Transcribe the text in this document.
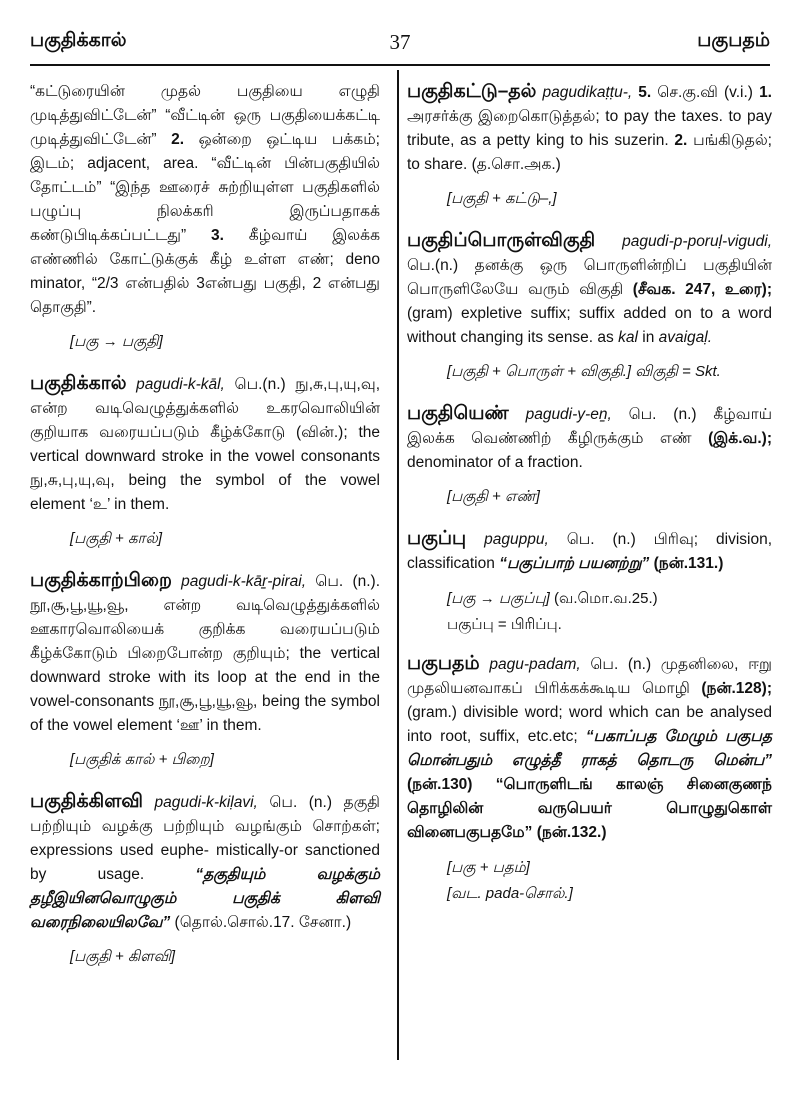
பகுதிக்கால்	37	பகுபதம்

“கட்டுரையின் முதல் பகுதியை எழுதி முடித்துவிட்டேன்” “வீட்டின் ஒரு பகுதியைக்கட்டி முடித்துவிட்டேன்” 2. ஒன்றை ஒட்டிய பக்கம்; இடம்; adjacent, area. “வீட்டின் பின்பகுதியில் தோட்டம்” “இந்த ஊரைச் சுற்றியுள்ள பகுதிகளில் பழுப்பு நிலக்கரி இருப்பதாகக் கண்டுபிடிக்கப்பட்டது” 3. கீழ்வாய் இலக்க எண்ணில் கோட்டுக்குக் கீழ் உள்ள எண்; deno minator, “2/3 என்பதில் 3என்பது பகுதி, 2 என்பது தொகுதி”.

[பகு → பகுதி]

பகுதிக்கால் pagudi-k-kāl, பெ.(n.) நு,சு,பு,யு,வு, என்ற வடிவெழுத்துக்களில் உகரவொலியின் குறியாக வரையப்படும் கீழ்க்கோடு (வின்.); the vertical downward stroke in the vowel consonants நு,சு,பு,யு,வு, being the symbol of the vowel element ‘உ’ in them.

[பகுதி + கால்]

பகுதிக்காற்பிறை pagudi-k-kāṟ-pirai, பெ. (n.). நூ,சூ,பூ,யூ,வூ, என்ற வடிவெழுத்துக்களில் ஊகாரவொலியைக் குறிக்க வரையப்படும் கீழ்க்கோடும் பிறைபோன்ற குறியும்; the vertical downward stroke with its loop at the end in the vowel-consonants நூ,சூ,பூ,யூ,வூ, being the symbol of the vowel element ‘ஊ’ in them.

[பகுதிக் கால் + பிறை]

பகுதிக்கிளவி pagudi-k-kiḷavi, பெ. (n.) தகுதி பற்றியும் வழக்கு பற்றியும் வழங்கும் சொற்கள்; expressions used euphe- mistically-or sanctioned by usage. “தகுதியும் வழக்கும் தழீஇயினவொழுகும் பகுதிக் கிளவி வரைநிலையிலவே” (தொல்.சொல்.17. சேனா.)

[பகுதி + கிளவி]

பகுதிகட்டு–தல் pagudikaṭṭu-, 5. செ.கு.வி (v.i.) 1. அரசர்க்கு இறைகொடுத்தல்; to pay the taxes. to pay tribute, as a petty king to his suzerin. 2. பங்கிடுதல்; to share. (த.சொ.அக.)

[பகுதி + கட்டு–,]

பகுதிப்பொருள்விகுதி pagudi-p-poruḷ-vigudi, பெ.(n.) தனக்கு ஒரு பொருளின்றிப் பகுதியின் பொருளிலேயே வரும் விகுதி (சீவக. 247, உரை); (gram) expletive suffix; suffix added on to a word without changing its sense. as kal in avaigaḷ.

[பகுதி + பொருள் + விகுதி.] விகுதி = Skt.

பகுதியெண் pagudi-y-eṉ, பெ. (n.) கீழ்வாய் இலக்க வெண்ணிற் கீழிருக்கும் எண் (இக்.வ.); denominator of a fraction.

[பகுதி + எண்]

பகுப்பு paguppu, பெ. (n.) பிரிவு; division, classification “பகுப்பாற் பயனற்று” (நன்.131.)

[பகு → பகுப்பு] (வ.மொ.வ.25.)
பகுப்பு = பிரிப்பு.

பகுபதம் pagu-padam, பெ. (n.) முதனிலை, ஈறு முதலியனவாகப் பிரிக்கக்கூடிய மொழி (நன்.128); (gram.) divisible word; word which can be analysed into root, suffix, etc.etc; “பகாப்பத மேழும் பகுபத மொன்பதும் எழுத்தீ ராகத் தொடரு மென்ப” (நன்.130) “பொருளிடங் காலஞ் சினைகுணந் தொழிலின் வருபெயர் பொழுதுகொள் வினைபகுபதமே” (நன்.132.)

[பகு + பதம்]
[வட. pada-சொல்.]
